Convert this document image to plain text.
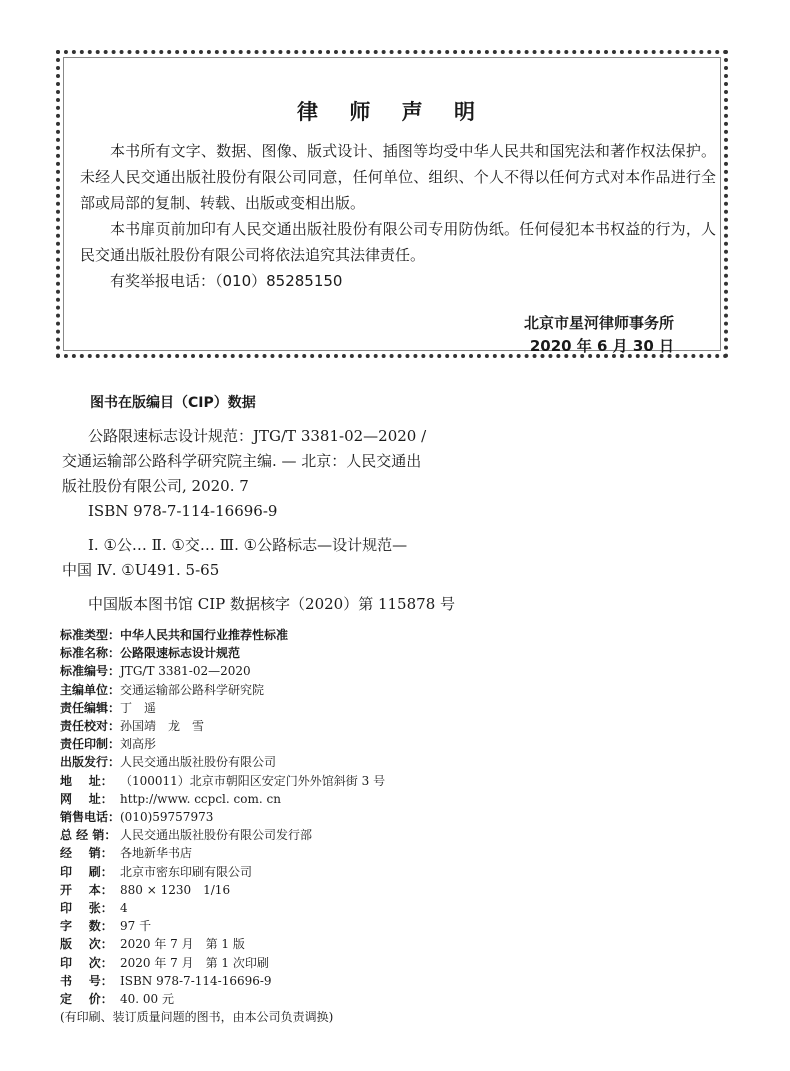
律 师 声 明

本书所有文字、数据、图像、版式设计、插图等均受中华人民共和国宪法和著作权法保护。未经人民交通出版社股份有限公司同意，任何单位、组织、个人不得以任何方式对本作品进行全部或局部的复制、转载、出版或变相出版。

本书扉页前加印有人民交通出版社股份有限公司专用防伪纸。任何侵犯本书权益的行为，人民交通出版社股份有限公司将依法追究其法律责任。

有奖举报电话：（010）85285150

北京市星河律师事务所
2020 年 6 月 30 日
图书在版编目（CIP）数据
公路限速标志设计规范：JTG/T 3381-02—2020 /
交通运输部公路科学研究院主编. — 北京：人民交通出
版社股份有限公司, 2020. 7
ISBN 978-7-114-16696-9
Ⅰ. ①公… Ⅱ. ①交… Ⅲ. ①公路标志—设计规范—
中国 Ⅳ. ①U491. 5-65
中国版本图书馆 CIP 数据核字（2020）第 115878 号
标准类型： 中华人民共和国行业推荐性标准
标准名称： 公路限速标志设计规范
标准编号： JTG/T 3381-02—2020
主编单位： 交通运输部公路科学研究院
责任编辑： 丁　遥
责任校对： 孙国靖　龙　雪
责任印制： 刘高彤
出版发行： 人民交通出版社股份有限公司
地    址： （100011）北京市朝阳区安定门外外馆斜街 3 号
网    址： http://www. ccpcl. com. cn
销售电话： (010)59757973
总 经 销： 人民交通出版社股份有限公司发行部
经    销： 各地新华书店
印    刷： 北京市密东印刷有限公司
开    本： 880 × 1230　1/16
印    张： 4
字    数： 97 千
版    次： 2020 年 7 月　第 1 版
印    次： 2020 年 7 月　第 1 次印刷
书    号： ISBN 978-7-114-16696-9
定    价： 40. 00 元
(有印刷、装订质量问题的图书，由本公司负责调换)
